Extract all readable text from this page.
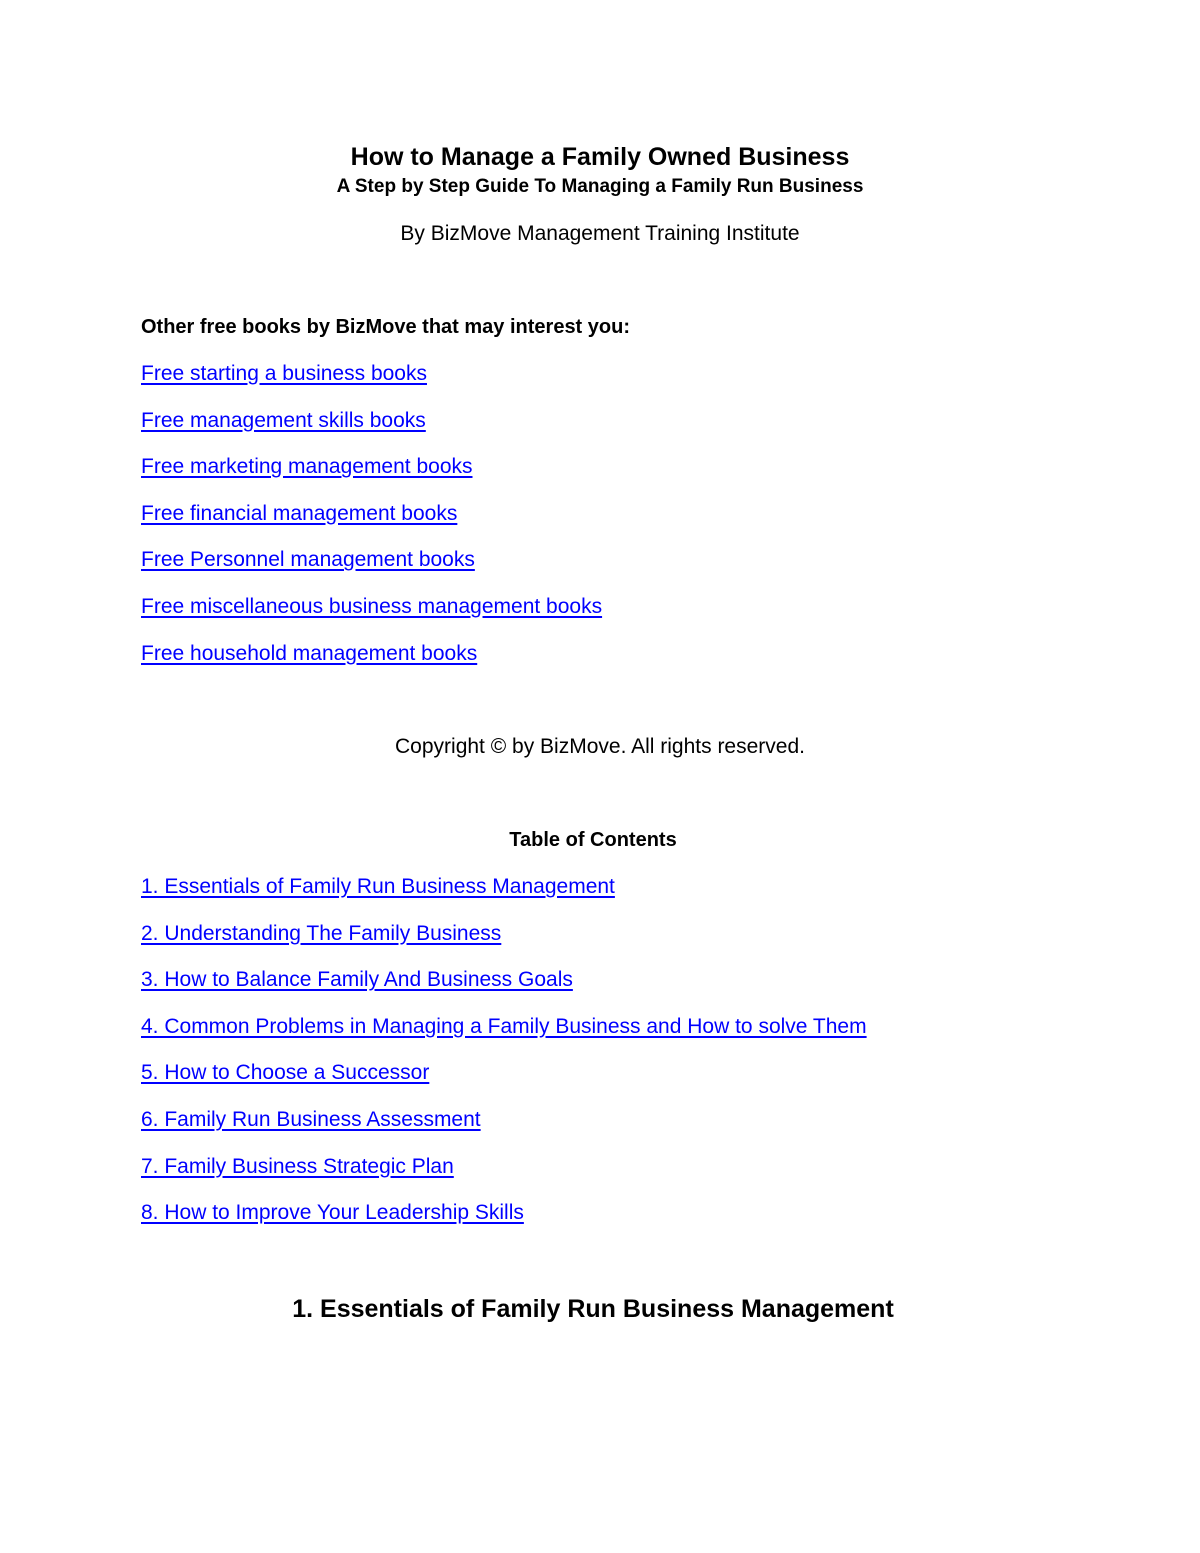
How to Manage a Family Owned Business
A Step by Step Guide To Managing a Family Run Business
By BizMove Management Training Institute
Other free books by BizMove that may interest you:
Free starting a business books
Free management skills books
Free marketing management books
Free financial management books
Free Personnel management books
Free miscellaneous business management books
Free household management books
Copyright © by BizMove. All rights reserved.
Table of Contents
1. Essentials of Family Run Business Management
2. Understanding The Family Business
3. How to Balance Family And Business Goals
4. Common Problems in Managing a Family Business and How to solve Them
5. How to Choose a Successor
6. Family Run Business Assessment
7. Family Business Strategic Plan
8. How to Improve Your Leadership Skills
1. Essentials of Family Run Business Management
